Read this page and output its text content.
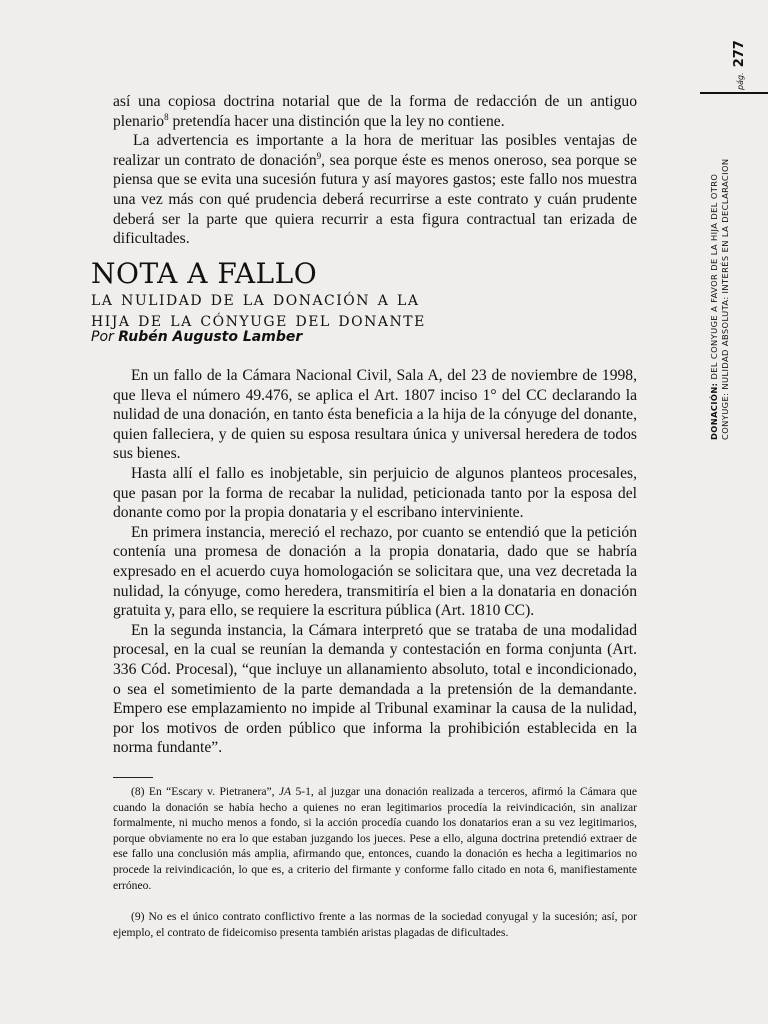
pág. 277
DONACIÓN: DEL CONYUGE A FAVOR DE LA HIJA DEL OTRO CONYUGE: NULIDAD ABSOLUTA: INTERÉS EN LA DECLARACION

así una copiosa doctrina notarial que de la forma de redacción de un antiguo plenario$^8$ pretendía hacer una distinción que la ley no contiene.

La advertencia es importante a la hora de merituar las posibles ventajas de realizar un contrato de donación$^9$, sea porque éste es menos oneroso, sea porque se piensa que se evita una sucesión futura y así mayores gastos; este fallo nos muestra una vez más con qué prudencia deberá recurrirse a este contrato y cuán prudente deberá ser la parte que quiera recurrir a esta figura contractual tan erizada de dificultades.

NOTA A FALLO
la nulidad de la donación a la
hija de la cónyuge del donante
Por Rubén Augusto Lamber

En un fallo de la Cámara Nacional Civil, Sala A, del 23 de noviembre de 1998, que lleva el número 49.476, se aplica el Art. 1807 inciso 1° del CC declarando la nulidad de una donación, en tanto ésta beneficia a la hija de la cónyuge del donante, quien falleciera, y de quien su esposa resultara única y universal heredera de todos sus bienes.

Hasta allí el fallo es inobjetable, sin perjuicio de algunos planteos procesales, que pasan por la forma de recabar la nulidad, peticionada tanto por la esposa del donante como por la propia donataria y el escribano interviniente.

En primera instancia, mereció el rechazo, por cuanto se entendió que la petición contenía una promesa de donación a la propia donataria, dado que se habría expresado en el acuerdo cuya homologación se solicitara que, una vez decretada la nulidad, la cónyuge, como heredera, transmitiría el bien a la donataria en donación gratuita y, para ello, se requiere la escritura pública (Art. 1810 CC).

En la segunda instancia, la Cámara interpretó que se trataba de una modalidad procesal, en la cual se reunían la demanda y contestación en forma conjunta (Art. 336 Cód. Procesal), “que incluye un allanamiento absoluto, total e incondicionado, o sea el sometimiento de la parte demandada a la pretensión de la demandante. Empero ese emplazamiento no impide al Tribunal examinar la causa de la nulidad, por los motivos de orden público que informa la prohibición establecida en la norma fundante”.

(8) En “Escary v. Pietranera”, JA 5-1, al juzgar una donación realizada a terceros, afirmó la Cámara que cuando la donación se había hecho a quienes no eran legitimarios procedía la reivindicación, sin analizar formalmente, ni mucho menos a fondo, si la acción procedía cuando los donatarios eran a su vez legitimarios, porque obviamente no era lo que estaban juzgando los jueces. Pese a ello, alguna doctrina pretendió extraer de ese fallo una conclusión más amplia, afirmando que, entonces, cuando la donación es hecha a legitimarios no procede la reivindicación, lo que es, a criterio del firmante y conforme fallo citado en nota 6, manifiestamente erróneo.

(9) No es el único contrato conflictivo frente a las normas de la sociedad conyugal y la sucesión; así, por ejemplo, el contrato de fideicomiso presenta también aristas plagadas de dificultades.
